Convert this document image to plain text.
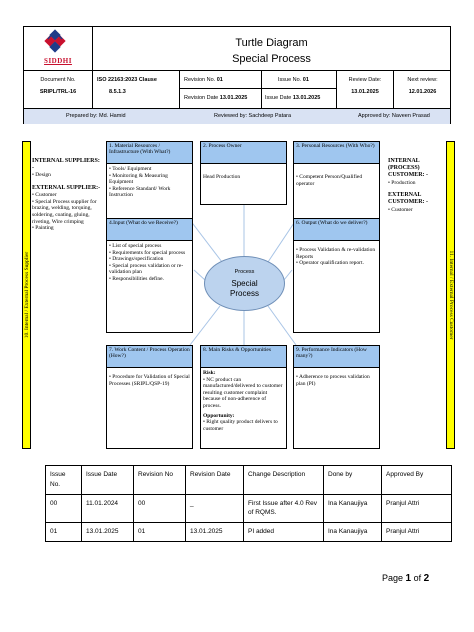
SIDDHI
Turtle Diagram
Special Process
Document No.
SRIPL/TRL-16
ISO 22163:2023 Clause
8.5.1.3
Revision No. 01
Revision Date 13.01.2025
Issue No. 01
Issue Date 13.01.2025
Review Date:
13.01.2025
Next review:
12.01.2026
Prepared by: Md. Hamid	Reviewed by: Sachdeep Patara	Approved by: Naveen Prasad
10. Internal / External Process Supplier	11. Internal / External Process Customer
INTERNAL SUPPLIERS: -
• Design
EXTERNAL SUPPLIER:-
• Customer
• Special Process supplier for brazing, welding, torquing, soldering, coating, gluing, riveting, Wire crimping
• Painting
INTERNAL (PROCESS) CUSTOMER: -
• Production
EXTERNAL CUSTOMER: -
• Customer
1. Material Resources / Infrastructure (With What?)
• Tools/ Equipment
• Monitoring & Measuring Equipment
• Reference Standard/ Work Instruction
2. Process Owner
Head Production
3. Personal Resources (With Who?)
• Competent Person/Qualified operator
4.Input (What do we Receive?)
• List of special process
• Requirements for special process
• Drawings/specification
• Special process validation or re-validation plan
• Responsibilities define.
6. Output (What do we deliver?)
• Process Validation & re-validation Reports
• Operator qualification report.
Process
Special
Process
7. Work Content / Process Operation (How?)
• Procedure for Validation of Special Processes (SRIPL/QSP-19)
8. Main Risks & Opportunities
Risk:
• NC product can manufactured/delivered to customer resulting customer complaint because of non-adherence of process.
Opportunity:
• Right quality product delivers to customer
9. Performance Indicators (How many?)
• Adherence to process validation plan (PI)
Issue No.	Issue Date	Revision No	Revision Date	Change Description	Done by	Approved By
00	11.01.2024	00	_	First Issue after 4.0 Rev of RQMS.	Ina Kanaujiya	Pranjul Attri
01	13.01.2025	01	13.01.2025	PI added	Ina Kanaujiya	Pranjul Attri
Page 1 of 2
